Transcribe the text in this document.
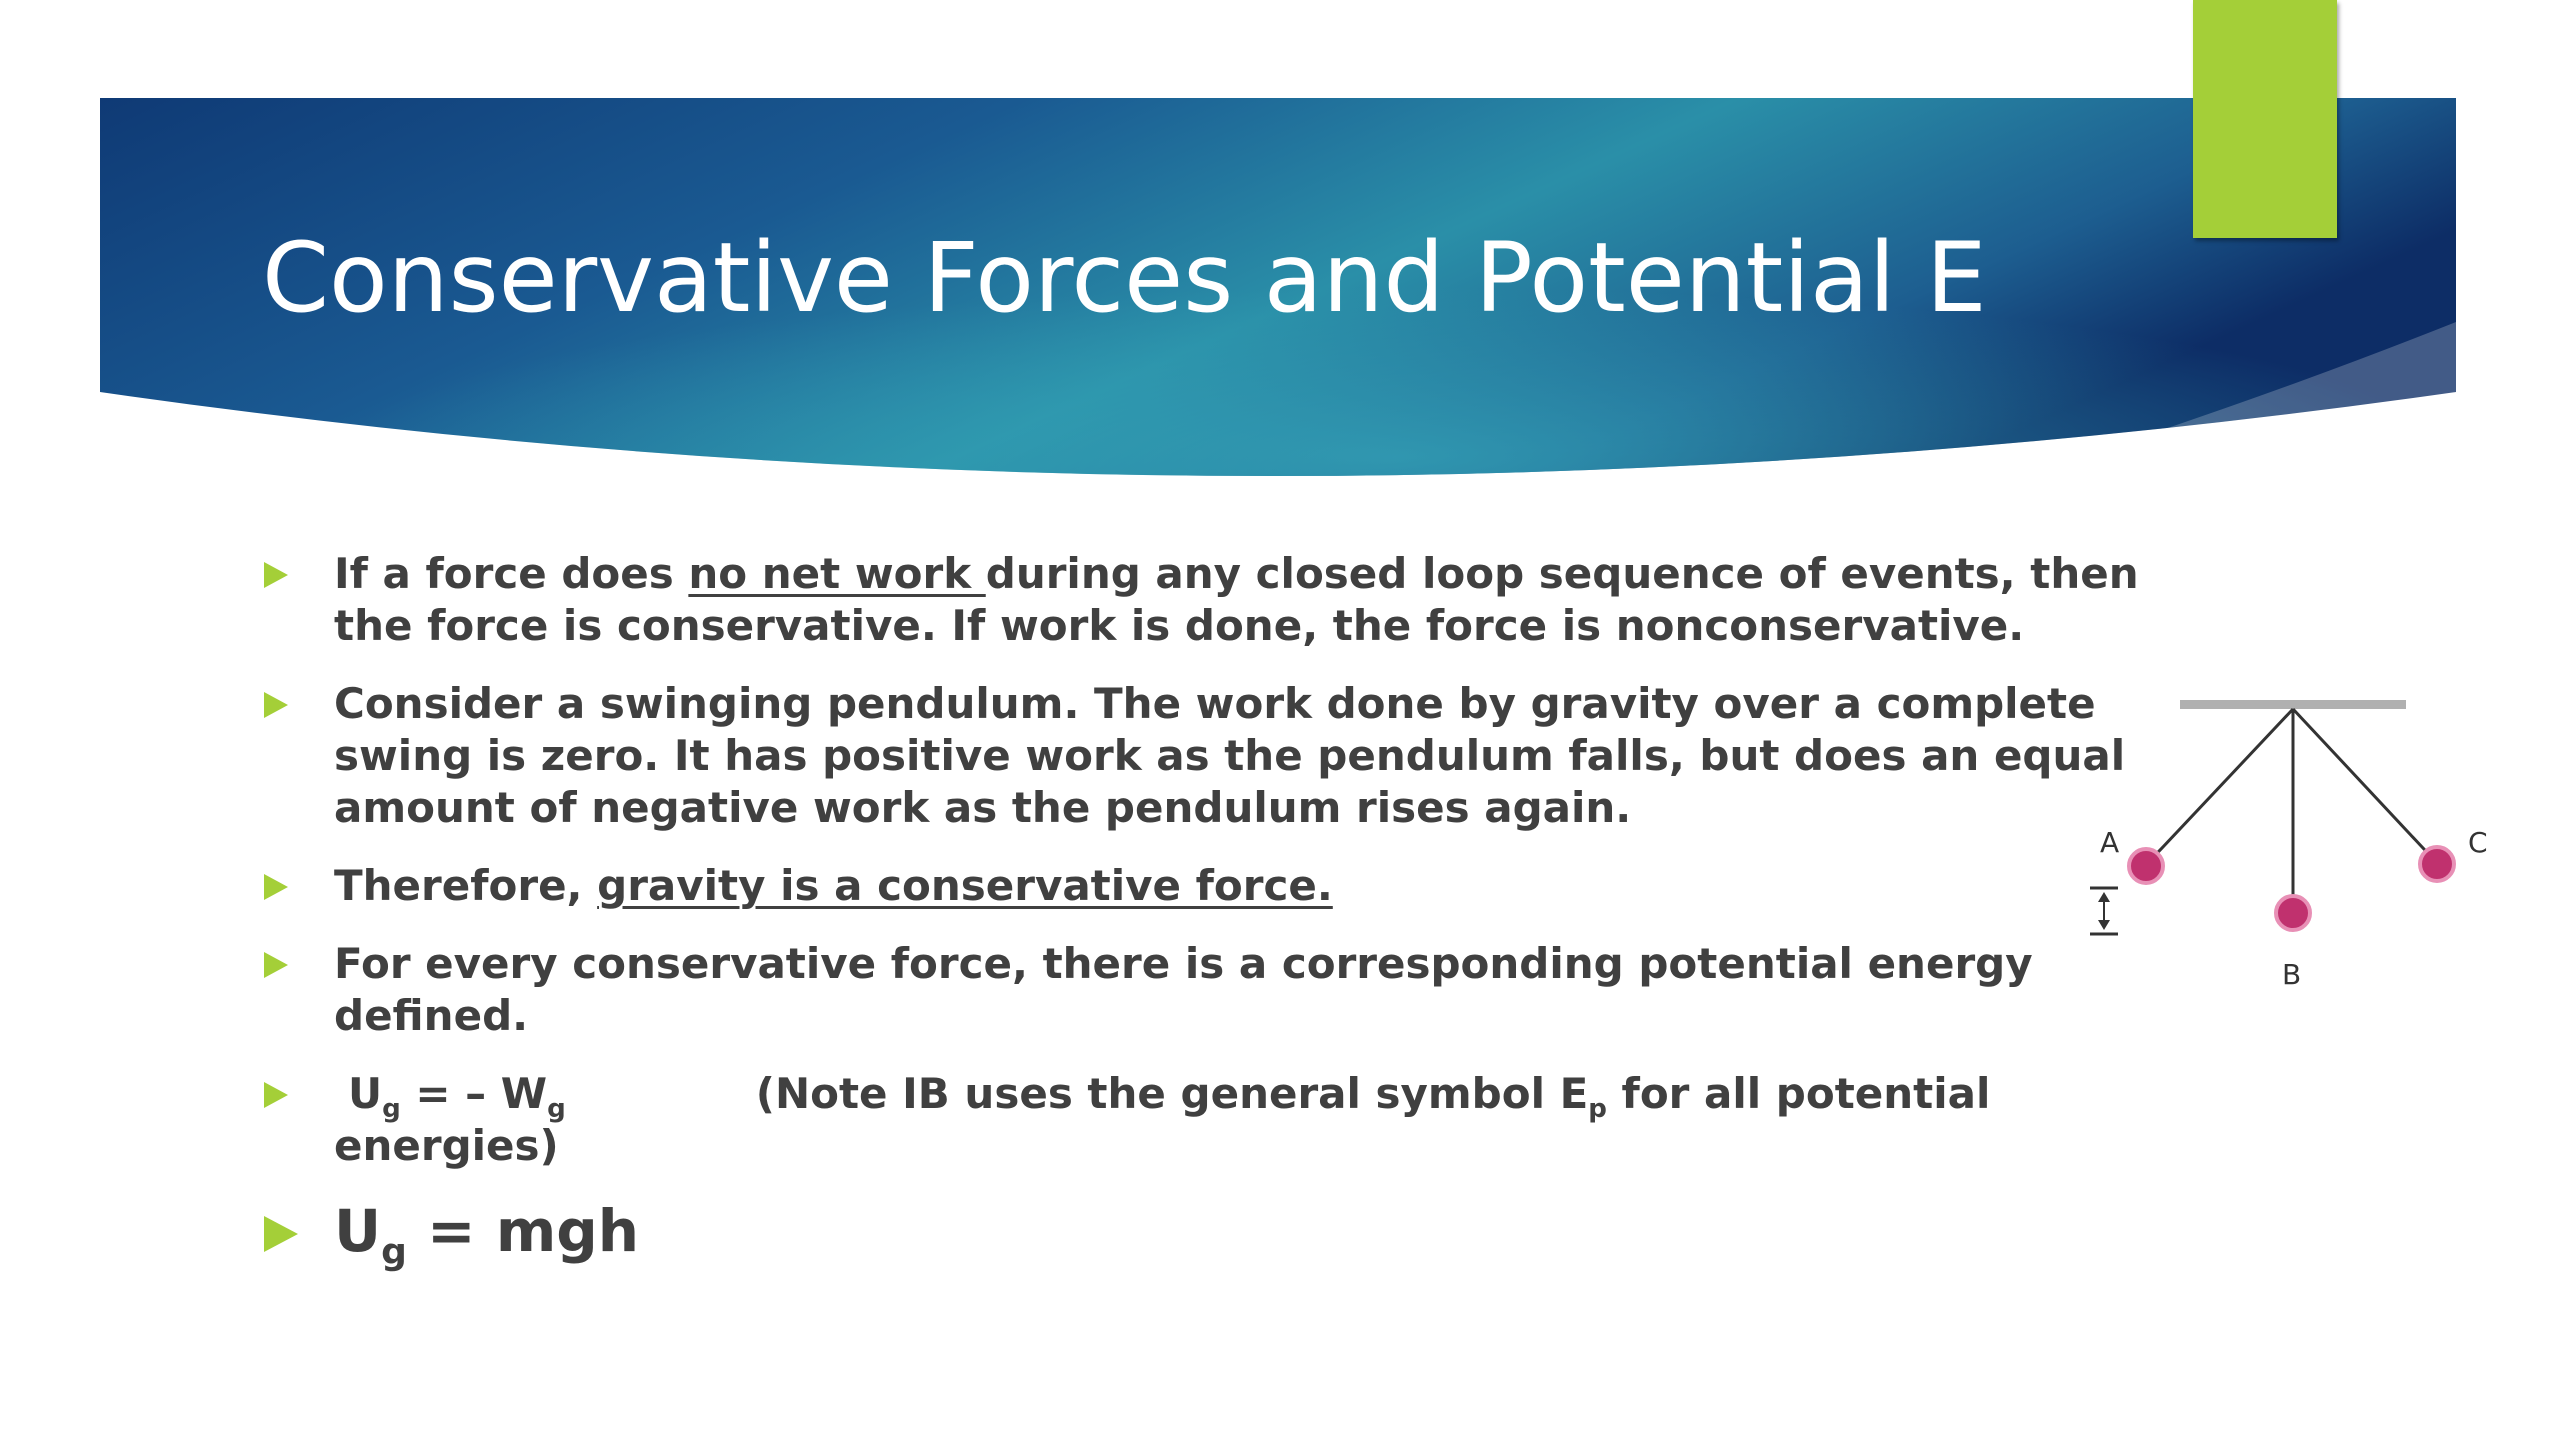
Conservative Forces and Potential E
If a force does no net work during any closed loop sequence of events, then the force is conservative. If work is done, the force is nonconservative.
Consider a swinging pendulum. The work done by gravity over a complete swing is zero. It has positive work as the pendulum falls, but does an equal amount of negative work as the pendulum rises again.
Therefore, gravity is a conservative force.
For every conservative force, there is a corresponding potential energy defined.
$U_g$ = – $W_g$	(Note IB uses the general symbol $E_p$ for all potential energies)
$U_g$ = mgh
A
B
C
